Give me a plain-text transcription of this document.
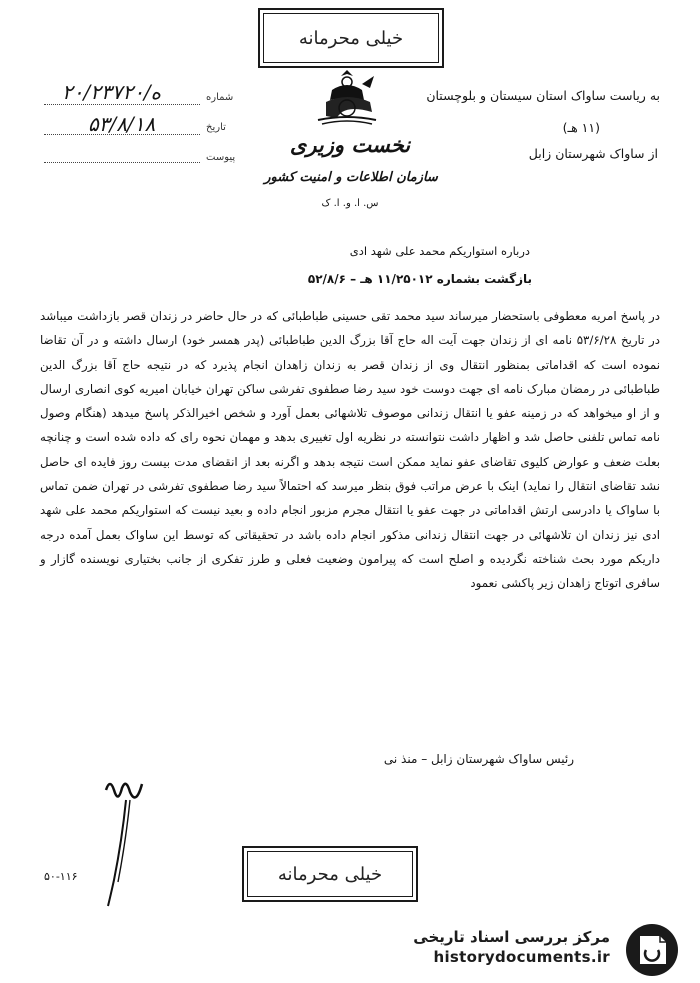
خیلی محرمانه
نخست وزیری
سازمان اطلاعات و امنیت کشور
س. ا. و. ا. ک
شماره
۲۰/۲۳۷۲۰/ه
تاریخ
۵۳/۸/۱۸
پیوست
به ریاست ساواک استان سیستان و بلوچستان
(۱۱ هـ)
از ساواک شهرستان زابل
درباره استواریکم محمد علی شهد ادی
بازگشت بشماره ۱۱/۲۵۰۱۲ هـ – ۵۲/۸/۶

در پاسخ امریه معطوفی باستحضار میرساند سید محمد تقی حسینی طباطبائی که در حال حاضر در زندان قصر بازداشت میباشد در تاریخ ۵۳/۶/۲۸ نامه ای از زندان جهت آیت اله حاج آقا بزرگ الدین طباطبائی (پدر همسر خود) ارسال داشته و در آن تقاضا نموده است که اقداماتی بمنظور انتقال وی از زندان قصر به زندان زاهدان انجام پذیرد که در نتیجه حاج آقا بزرگ الدین طباطبائی در رمضان مبارک نامه ای جهت دوست خود سید رضا صطفوی تفرشی ساکن تهران خیابان امیریه کوی انصاری ارسال و از او میخواهد که در زمینه عفو یا انتقال زندانی موصوف تلاشهائی بعمل آورد و شخص اخیرالذکر پاسخ میدهد (هنگام وصول نامه تماس تلفنی حاصل شد و اظهار داشت نتوانسته در نظریه اول تغییری بدهد و مهمان نحوه رای که داده شده است و چنانچه بعلت ضعف و عوارض کلیوی تقاضای عفو نماید ممکن است نتیجه بدهد و اگرنه بعد از انقضای مدت بیست روز فایده ای حاصل نشد تقاضای انتقال را نماید) اینک با عرض مراتب فوق بنظر میرسد که احتمالاً سید رضا صطفوی تفرشی در تهران ضمن تماس با ساواک یا دادرسی ارتش اقداماتی در جهت عفو یا انتقال مجرم مزبور انجام داده و بعید نیست که استواریکم محمد علی شهد ادی نیز زندان ان تلاشهائی در جهت انتقال زندانی مذکور انجام داده باشد در تحقیقاتی که توسط این ساواک بعمل آمده درجه داریکم مورد بحث شناخته نگردیده و اصلح است که پیرامون وضعیت فعلی و طرز تفکری از جانب بختیاری نویسنده گازار و سافری اتوتاج زاهدان زیر پاکشی نعمود

رئیس ساواک شهرستان زابل – منذ نی
خیلی محرمانه
۵۰-۱۱۶
مرکز بررسی اسناد تاریخی
historydocuments.ir
